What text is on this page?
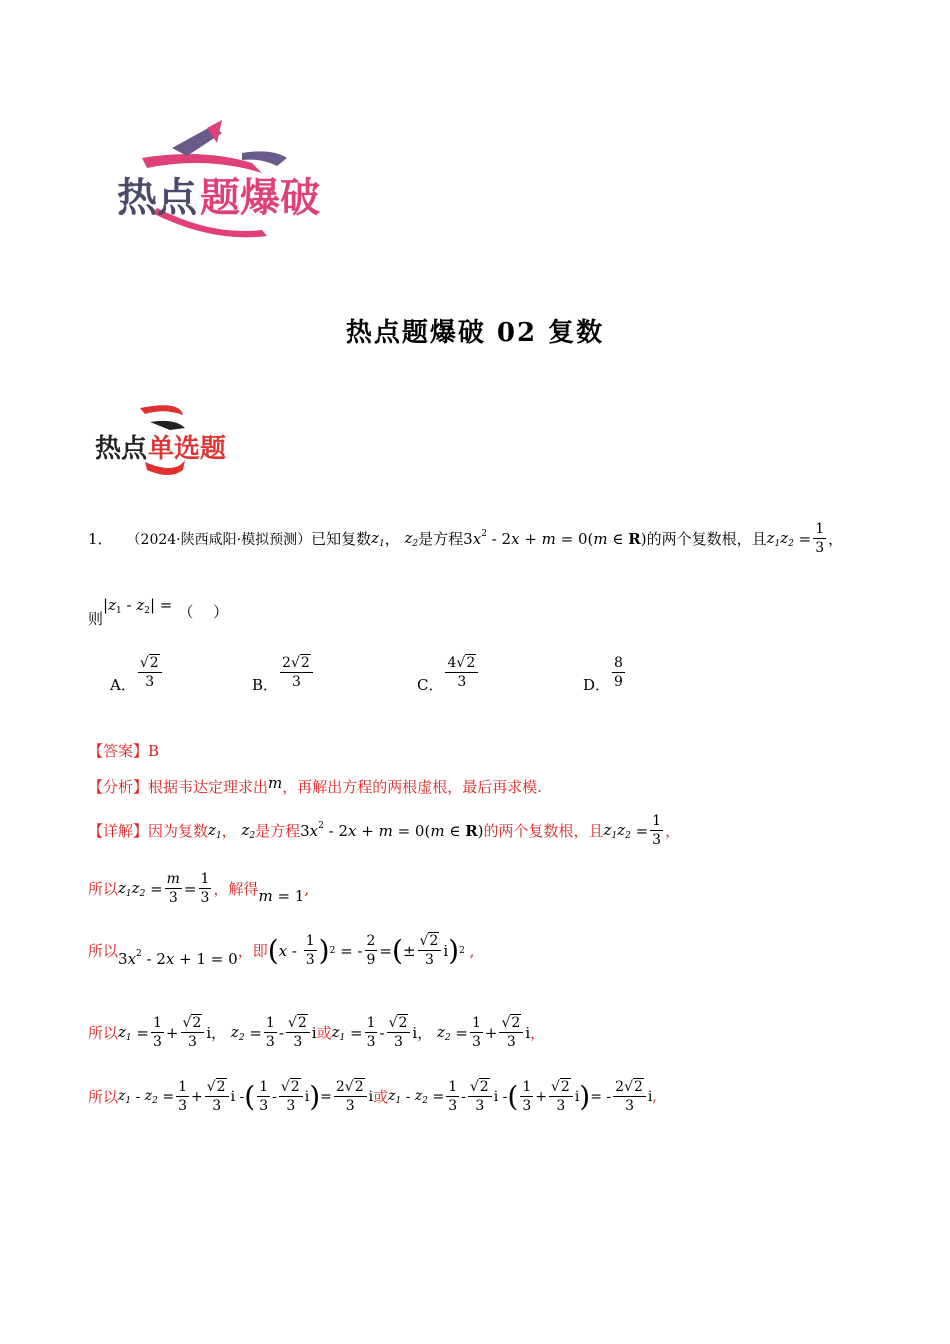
热点 题爆破
热点题爆破 02 复数
热点 单选题
1． （2024·陕西咸阳·模拟预测） 已知复数 $z_1$ ， $z_2$ 是方程 $3x^2 - 2x + m = 0(m$ ∈ R) 的两个复数根，且 $z_1z_2 = \frac{1}{3}$ ，
则
$|z_1 - z_2|$ = （　 ）
A． $\frac{√2}{3}$	B． $\frac{2√2}{3}$	C． $\frac{4√2}{3}$	D． $\frac{8}{9}$
【答案】 B
【分析】 根据韦达定理求出 m ，再解出方程的两根虚根，最后再求模.
【详解】 因为复数 $z_1$ ， $z_2$ 是方程 $3x^2 - 2x + m = 0(m$ ∈ R) 的两个复数根，且 $z_1z_2 = \frac{1}{3}$ ，
所以 $z_1z_2 = \frac{m}{3} = \frac{1}{3}$ ，解得 m = 1 ,
所以 $3x^2 - 2x + 1 = 0$ ，即 ( x - $\frac{1}{3}$ ) 2 = - $\frac{2}{9}$ = ( ± $\frac{√2}{3}$ i ) 2 ,
所以 $z_1 = \frac{1}{3} + \frac{√2}{3}$ i， $z_2 = \frac{1}{3} - \frac{√2}{3}$ i 或 $z_1 = \frac{1}{3} - \frac{√2}{3}$ i， $z_2 = \frac{1}{3} + \frac{√2}{3}$ i ，
所以 $z_1 - z_2 = \frac{1}{3} + \frac{√2}{3}$ i - ( $\frac{1}{3} - \frac{√2}{3}$ i ) = $\frac{2√2}{3}$ i 或 $z_1 - z_2 = \frac{1}{3} - \frac{√2}{3}$ i - ( $\frac{1}{3} + \frac{√2}{3}$ i ) = - $\frac{2√2}{3}$ i ,
